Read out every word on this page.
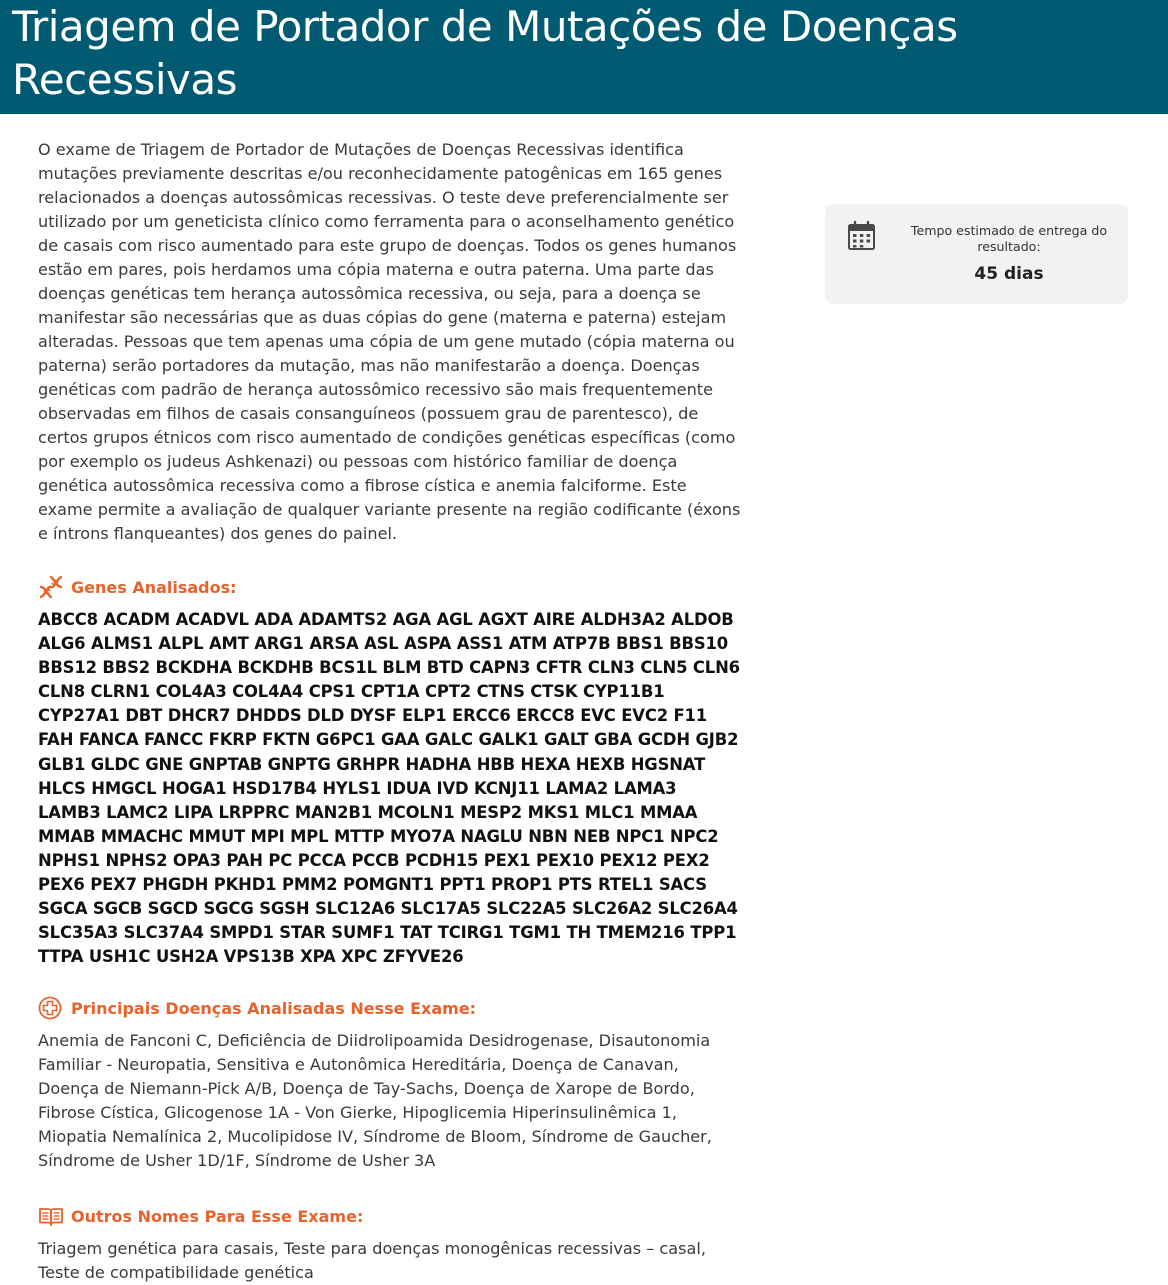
Triagem de Portador de Mutações de Doenças Recessivas

O exame de Triagem de Portador de Mutações de Doenças Recessivas identifica mutações previamente descritas e/ou reconhecidamente patogênicas em 165 genes relacionados a doenças autossômicas recessivas. O teste deve preferencialmente ser utilizado por um geneticista clínico como ferramenta para o aconselhamento genético de casais com risco aumentado para este grupo de doenças. Todos os genes humanos estão em pares, pois herdamos uma cópia materna e outra paterna. Uma parte das doenças genéticas tem herança autossômica recessiva, ou seja, para a doença se manifestar são necessárias que as duas cópias do gene (materna e paterna) estejam alteradas. Pessoas que tem apenas uma cópia de um gene mutado (cópia materna ou paterna) serão portadores da mutação, mas não manifestarão a doença. Doenças genéticas com padrão de herança autossômico recessivo são mais frequentemente observadas em filhos de casais consanguíneos (possuem grau de parentesco), de certos grupos étnicos com risco aumentado de condições genéticas específicas (como por exemplo os judeus Ashkenazi) ou pessoas com histórico familiar de doença genética autossômica recessiva como a fibrose cística e anemia falciforme. Este exame permite a avaliação de qualquer variante presente na região codificante (éxons e íntrons flanqueantes) dos genes do painel.

Genes Analisados:

ABCC8 ACADM ACADVL ADA ADAMTS2 AGA AGL AGXT AIRE ALDH3A2 ALDOB ALG6 ALMS1 ALPL AMT ARG1 ARSA ASL ASPA ASS1 ATM ATP7B BBS1 BBS10 BBS12 BBS2 BCKDHA BCKDHB BCS1L BLM BTD CAPN3 CFTR CLN3 CLN5 CLN6 CLN8 CLRN1 COL4A3 COL4A4 CPS1 CPT1A CPT2 CTNS CTSK CYP11B1 CYP27A1 DBT DHCR7 DHDDS DLD DYSF ELP1 ERCC6 ERCC8 EVC EVC2 F11 FAH FANCA FANCC FKRP FKTN G6PC1 GAA GALC GALK1 GALT GBA GCDH GJB2 GLB1 GLDC GNE GNPTAB GNPTG GRHPR HADHA HBB HEXA HEXB HGSNAT HLCS HMGCL HOGA1 HSD17B4 HYLS1 IDUA IVD KCNJ11 LAMA2 LAMA3 LAMB3 LAMC2 LIPA LRPPRC MAN2B1 MCOLN1 MESP2 MKS1 MLC1 MMAA MMAB MMACHC MMUT MPI MPL MTTP MYO7A NAGLU NBN NEB NPC1 NPC2 NPHS1 NPHS2 OPA3 PAH PC PCCA PCCB PCDH15 PEX1 PEX10 PEX12 PEX2 PEX6 PEX7 PHGDH PKHD1 PMM2 POMGNT1 PPT1 PROP1 PTS RTEL1 SACS SGCA SGCB SGCD SGCG SGSH SLC12A6 SLC17A5 SLC22A5 SLC26A2 SLC26A4 SLC35A3 SLC37A4 SMPD1 STAR SUMF1 TAT TCIRG1 TGM1 TH TMEM216 TPP1 TTPA USH1C USH2A VPS13B XPA XPC ZFYVE26

Principais Doenças Analisadas Nesse Exame:

Anemia de Fanconi C, Deficiência de Diidrolipoamida Desidrogenase, Disautonomia Familiar - Neuropatia, Sensitiva e Autonômica Hereditária, Doença de Canavan, Doença de Niemann-Pick A/B, Doença de Tay-Sachs, Doença de Xarope de Bordo, Fibrose Cística, Glicogenose 1A - Von Gierke, Hipoglicemia Hiperinsulinêmica 1, Miopatia Nemalínica 2, Mucolipidose IV, Síndrome de Bloom, Síndrome de Gaucher, Síndrome de Usher 1D/1F, Síndrome de Usher 3A

Outros Nomes Para Esse Exame:

Triagem genética para casais, Teste para doenças monogênicas recessivas – casal, Teste de compatibilidade genética

Tempo estimado de entrega do resultado:
45 dias
